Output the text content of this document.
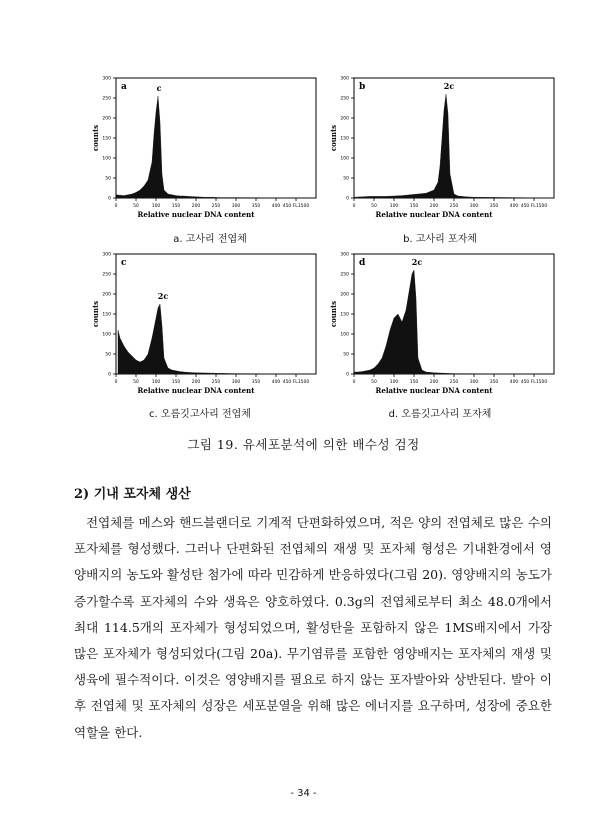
0
50
100
150
200
250
300
0	50	100	150	200	250	300	350	400 450 FL1500
Relative nuclear DNA content
counts
a	c
0
50
100
150
200
250
300
0	50	100	150	200	250	300	350	400 450 FL1500
Relative nuclear DNA content
counts
b	2c
0
50
100
150
200
250
300
0	50	100	150	200	250	300	350	400 450 FL1500
Relative nuclear DNA content
counts
c
2c
0
50
100
150
200
250
300
0	50	100	150	200	250	300	350	400 450 FL1500
Relative nuclear DNA content
counts
d	2c
a. 고사리 전엽체	b. 고사리 포자체
c. 오름깃고사리 전엽체	d. 오름깃고사리 포자체
그림 19. 유세포분석에 의한 배수성 검정
2) 기내 포자체 생산

전엽체를 메스와 핸드블랜더로 기계적 단편화하였으며, 적은 양의 전엽체로 많은 수의 포자체를 형성했다. 그러나 단편화된 전엽체의 재생 및 포자체 형성은 기내환경에서 영양배지의 농도와 활성탄 첨가에 따라 민감하게 반응하였다(그림 20). 영양배지의 농도가 증가할수록 포자체의 수와 생육은 양호하였다. 0.3g의 전엽체로부터 최소 48.0개에서 최대 114.5개의 포자체가 형성되었으며, 활성탄을 포함하지 않은 1MS배지에서 가장 많은 포자체가 형성되었다(그림 20a). 무기염류를 포함한 영양배지는 포자체의 재생 및 생육에 필수적이다. 이것은 영양배지를 필요로 하지 않는 포자발아와 상반된다. 발아 이후 전엽체 및 포자체의 성장은 세포분열을 위해 많은 에너지를 요구하며, 성장에 중요한 역할을 한다.

- 34 -
